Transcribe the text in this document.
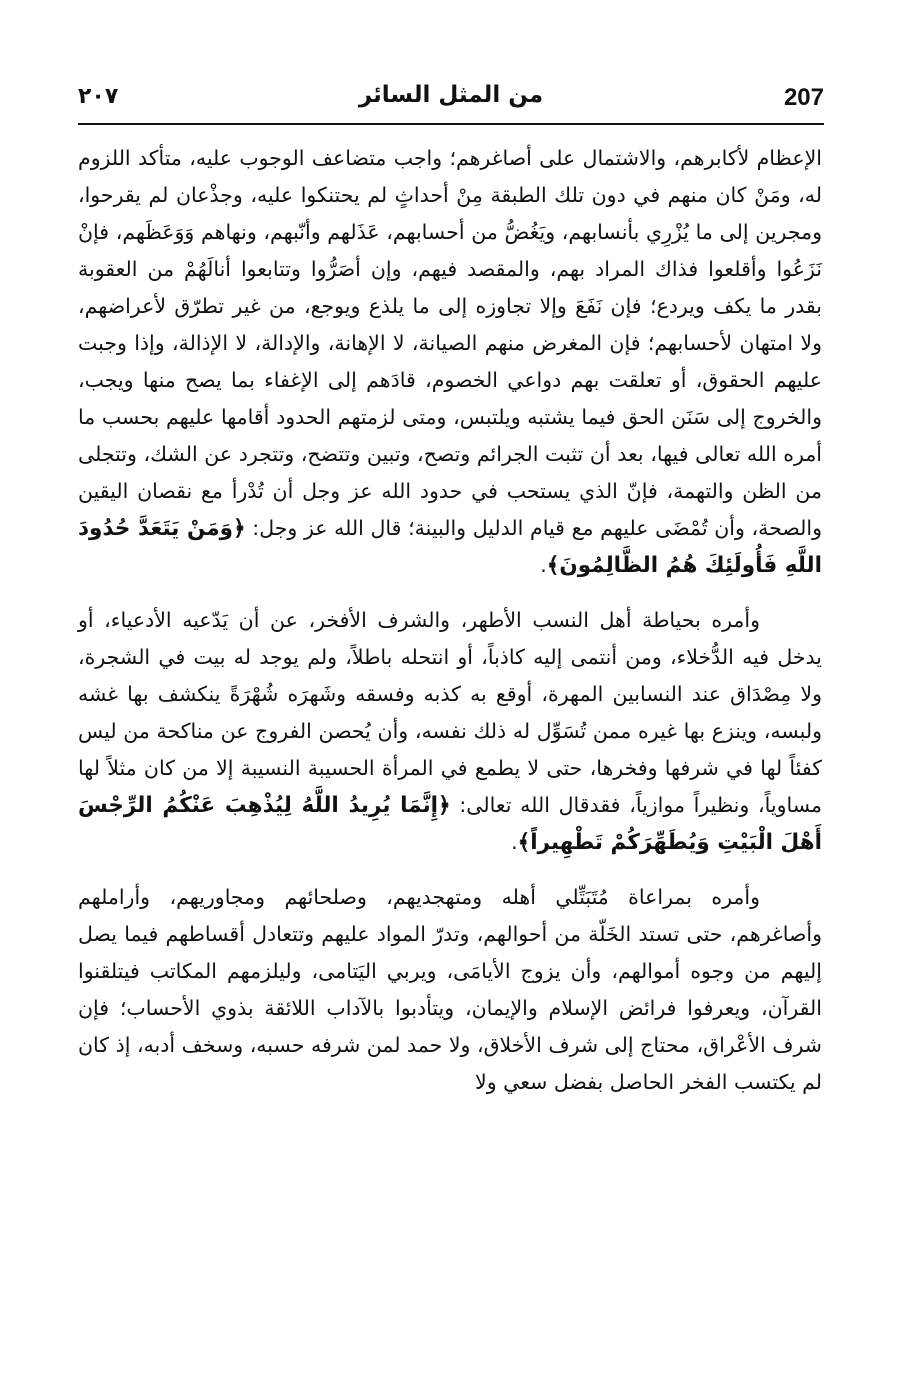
٢٠٧	من المثل السائر	207

الإعظام لأكابرهم، والاشتمال على أصاغرهم؛ واجب متضاعف الوجوب عليه، متأكد اللزوم له، ومَنْ كان منهم في دون تلك الطبقة مِنْ أحداثٍ لم يحتنكوا عليه، وجذْعان لم يقرحوا، ومجرين إلى ما يُزْرِي بأنسابهم، ويَغُضُّ من أحسابهم، عَذَلهم وأنّبهم، ونهاهم وَوَعَظَهم، فإنْ نَزَعُوا وأقلعوا فذاك المراد بهم، والمقصد فيهم، وإن أصَرُّوا وتتابعوا أنالَهُمْ من العقوبة بقدر ما يكف ويردع؛ فإن نَفَعَ وإلا تجاوزه إلى ما يلذع ويوجع، من غير تطرّق لأعراضهم، ولا امتهان لأحسابهم؛ فإن المغرض منهم الصيانة، لا الإهانة، والإدالة، لا الإذالة، وإذا وجبت عليهم الحقوق، أو تعلقت بهم دواعي الخصوم، قادَهم إلى الإغفاء بما يصح منها ويجب، والخروج إلى سَنَن الحق فيما يشتبه ويلتبس، ومتى لزمتهم الحدود أقامها عليهم بحسب ما أمره الله تعالى فيها، بعد أن تثبت الجرائم وتصح، وتبين وتتضح، وتتجرد عن الشك، وتتجلى من الظن والتهمة، فإنّ الذي يستحب في حدود الله عز وجل أن تُدْرأ مع نقصان اليقين والصحة، وأن تُمْضَى عليهم مع قيام الدليل والبينة؛ قال الله عز وجل: ﴿وَمَنْ يَتَعَدَّ حُدُودَ اللَّهِ فَأُولَئِكَ هُمُ الظَّالِمُونَ﴾.

وأمره بحياطة أهل النسب الأطهر، والشرف الأفخر، عن أن يَدّعيه الأدعياء، أو يدخل فيه الدُّخلاء، ومن أنتمى إليه كاذباً، أو انتحله باطلاً، ولم يوجد له بيت في الشجرة، ولا مِصْدَاق عند النسابين المهرة، أوقع به كذبه وفسقه وشَهرَه شُهْرَةً ينكشف بها غشه ولبسه، وينزع بها غيره ممن تُسَوِّل له ذلك نفسه، وأن يُحصن الفروج عن مناكحة من ليس كفئاً لها في شرفها وفخرها، حتى لا يطمع في المرأة الحسيبة النسيبة إلا من كان مثلاً لها مساوياً، ونظيراً موازياً، فقدقال الله تعالى: ﴿إِنَّمَا يُرِيدُ اللَّهُ لِيُذْهِبَ عَنْكُمُ الرِّجْسَ أَهْلَ الْبَيْتِ وَيُطَهِّرَكُمْ تَطْهِيراً﴾.

وأمره بمراعاة مُتَبَتِّلي أهله ومتهجديهم، وصلحائهم ومجاوريهم، وأراملهم وأصاغرهم، حتى تستد الخَلّة من أحوالهم، وتدرّ المواد عليهم وتتعادل أقساطهم فيما يصل إليهم من وجوه أموالهم، وأن يزوج الأيامَى، ويربي اليَتامى، وليلزمهم المكاتب فيتلقنوا القرآن، ويعرفوا فرائض الإسلام والإيمان، ويتأدبوا بالآداب اللائقة بذوي الأحساب؛ فإن شرف الأعْراق، محتاج إلى شرف الأخلاق، ولا حمد لمن شرفه حسبه، وسخف أدبه، إذ كان لم يكتسب الفخر الحاصل بفضل سعي ولا
